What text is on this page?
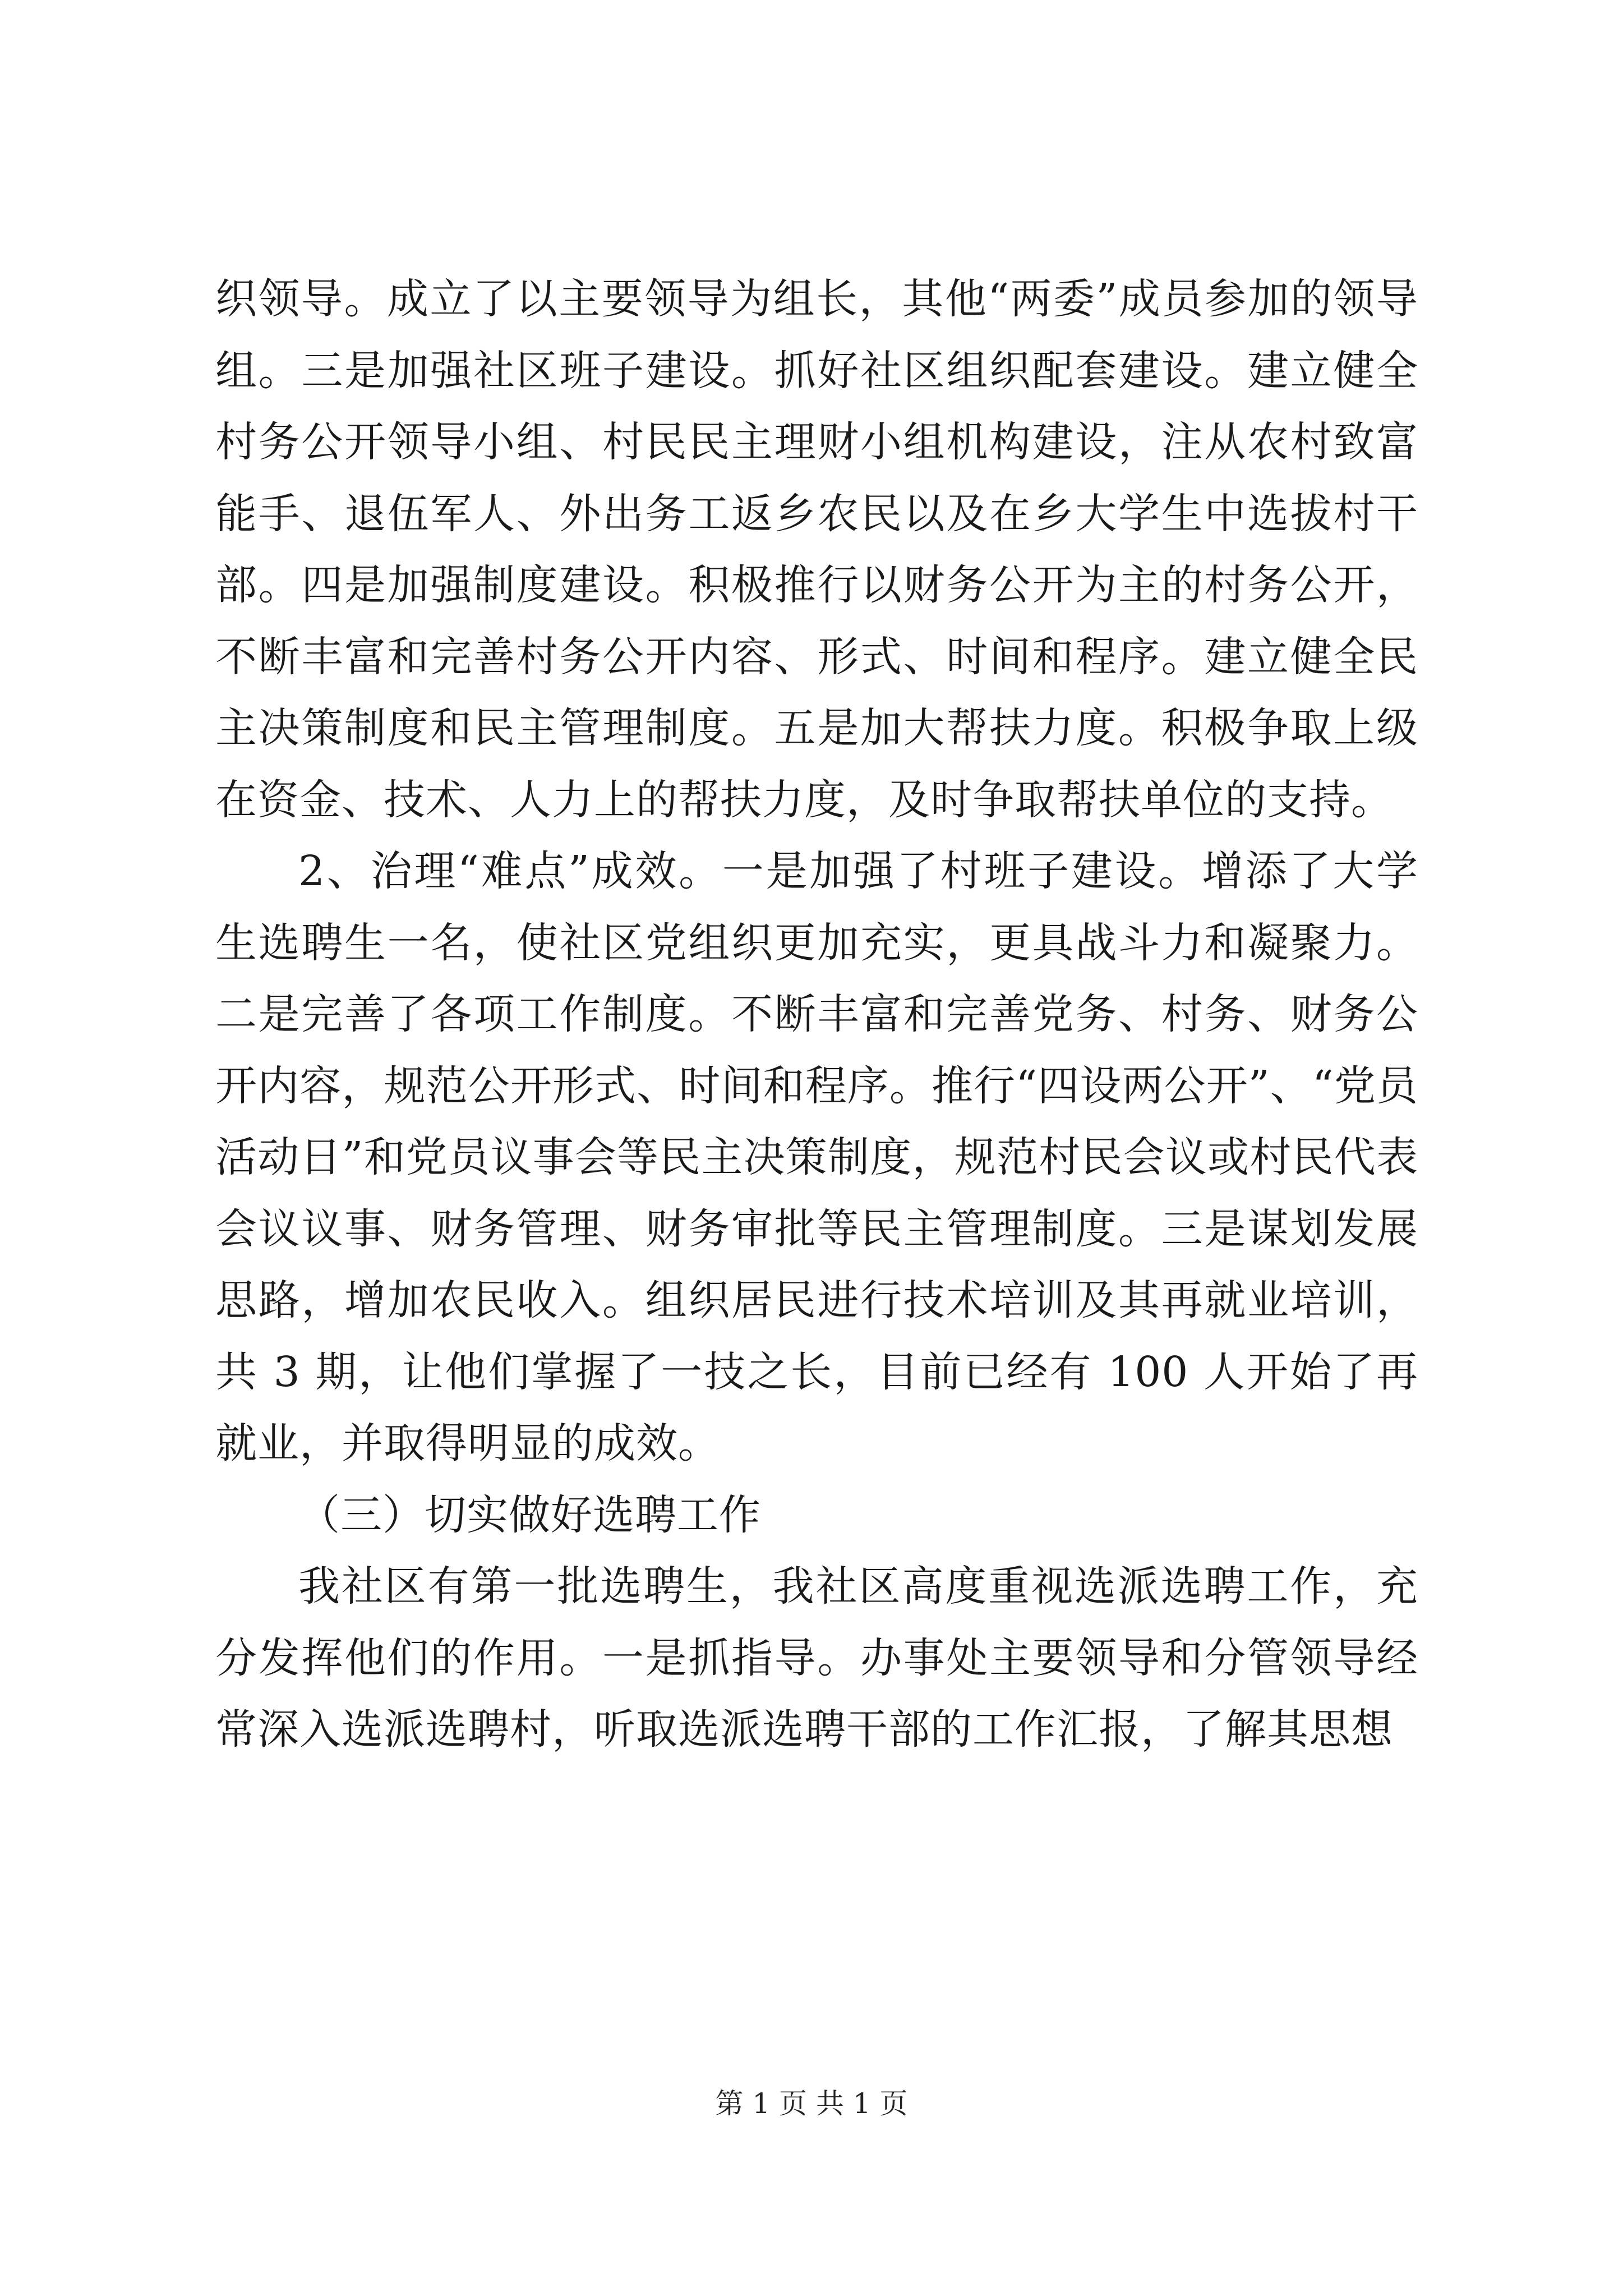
织领导。成立了以主要领导为组长，其他“两委”成员参加的领导组。三是加强社区班子建设。抓好社区组织配套建设。建立健全村务公开领导小组、村民民主理财小组机构建设，注从农村致富能手、退伍军人、外出务工返乡农民以及在乡大学生中选拔村干部。四是加强制度建设。积极推行以财务公开为主的村务公开，不断丰富和完善村务公开内容、形式、时间和程序。建立健全民主决策制度和民主管理制度。五是加大帮扶力度。积极争取上级在资金、技术、人力上的帮扶力度，及时争取帮扶单位的支持。

2、治理“难点”成效。一是加强了村班子建设。增添了大学生选聘生一名，使社区党组织更加充实，更具战斗力和凝聚力。二是完善了各项工作制度。不断丰富和完善党务、村务、财务公开内容，规范公开形式、时间和程序。推行“四设两公开”、“党员活动日”和党员议事会等民主决策制度，规范村民会议或村民代表会议议事、财务管理、财务审批等民主管理制度。三是谋划发展思路，增加农民收入。组织居民进行技术培训及其再就业培训，共 3 期，让他们掌握了一技之长，目前已经有 100 人开始了再就业，并取得明显的成效。

（三）切实做好选聘工作

我社区有第一批选聘生，我社区高度重视选派选聘工作，充分发挥他们的作用。一是抓指导。办事处主要领导和分管领导经常深入选派选聘村，听取选派选聘干部的工作汇报，了解其思想

第 1 页 共 1 页
